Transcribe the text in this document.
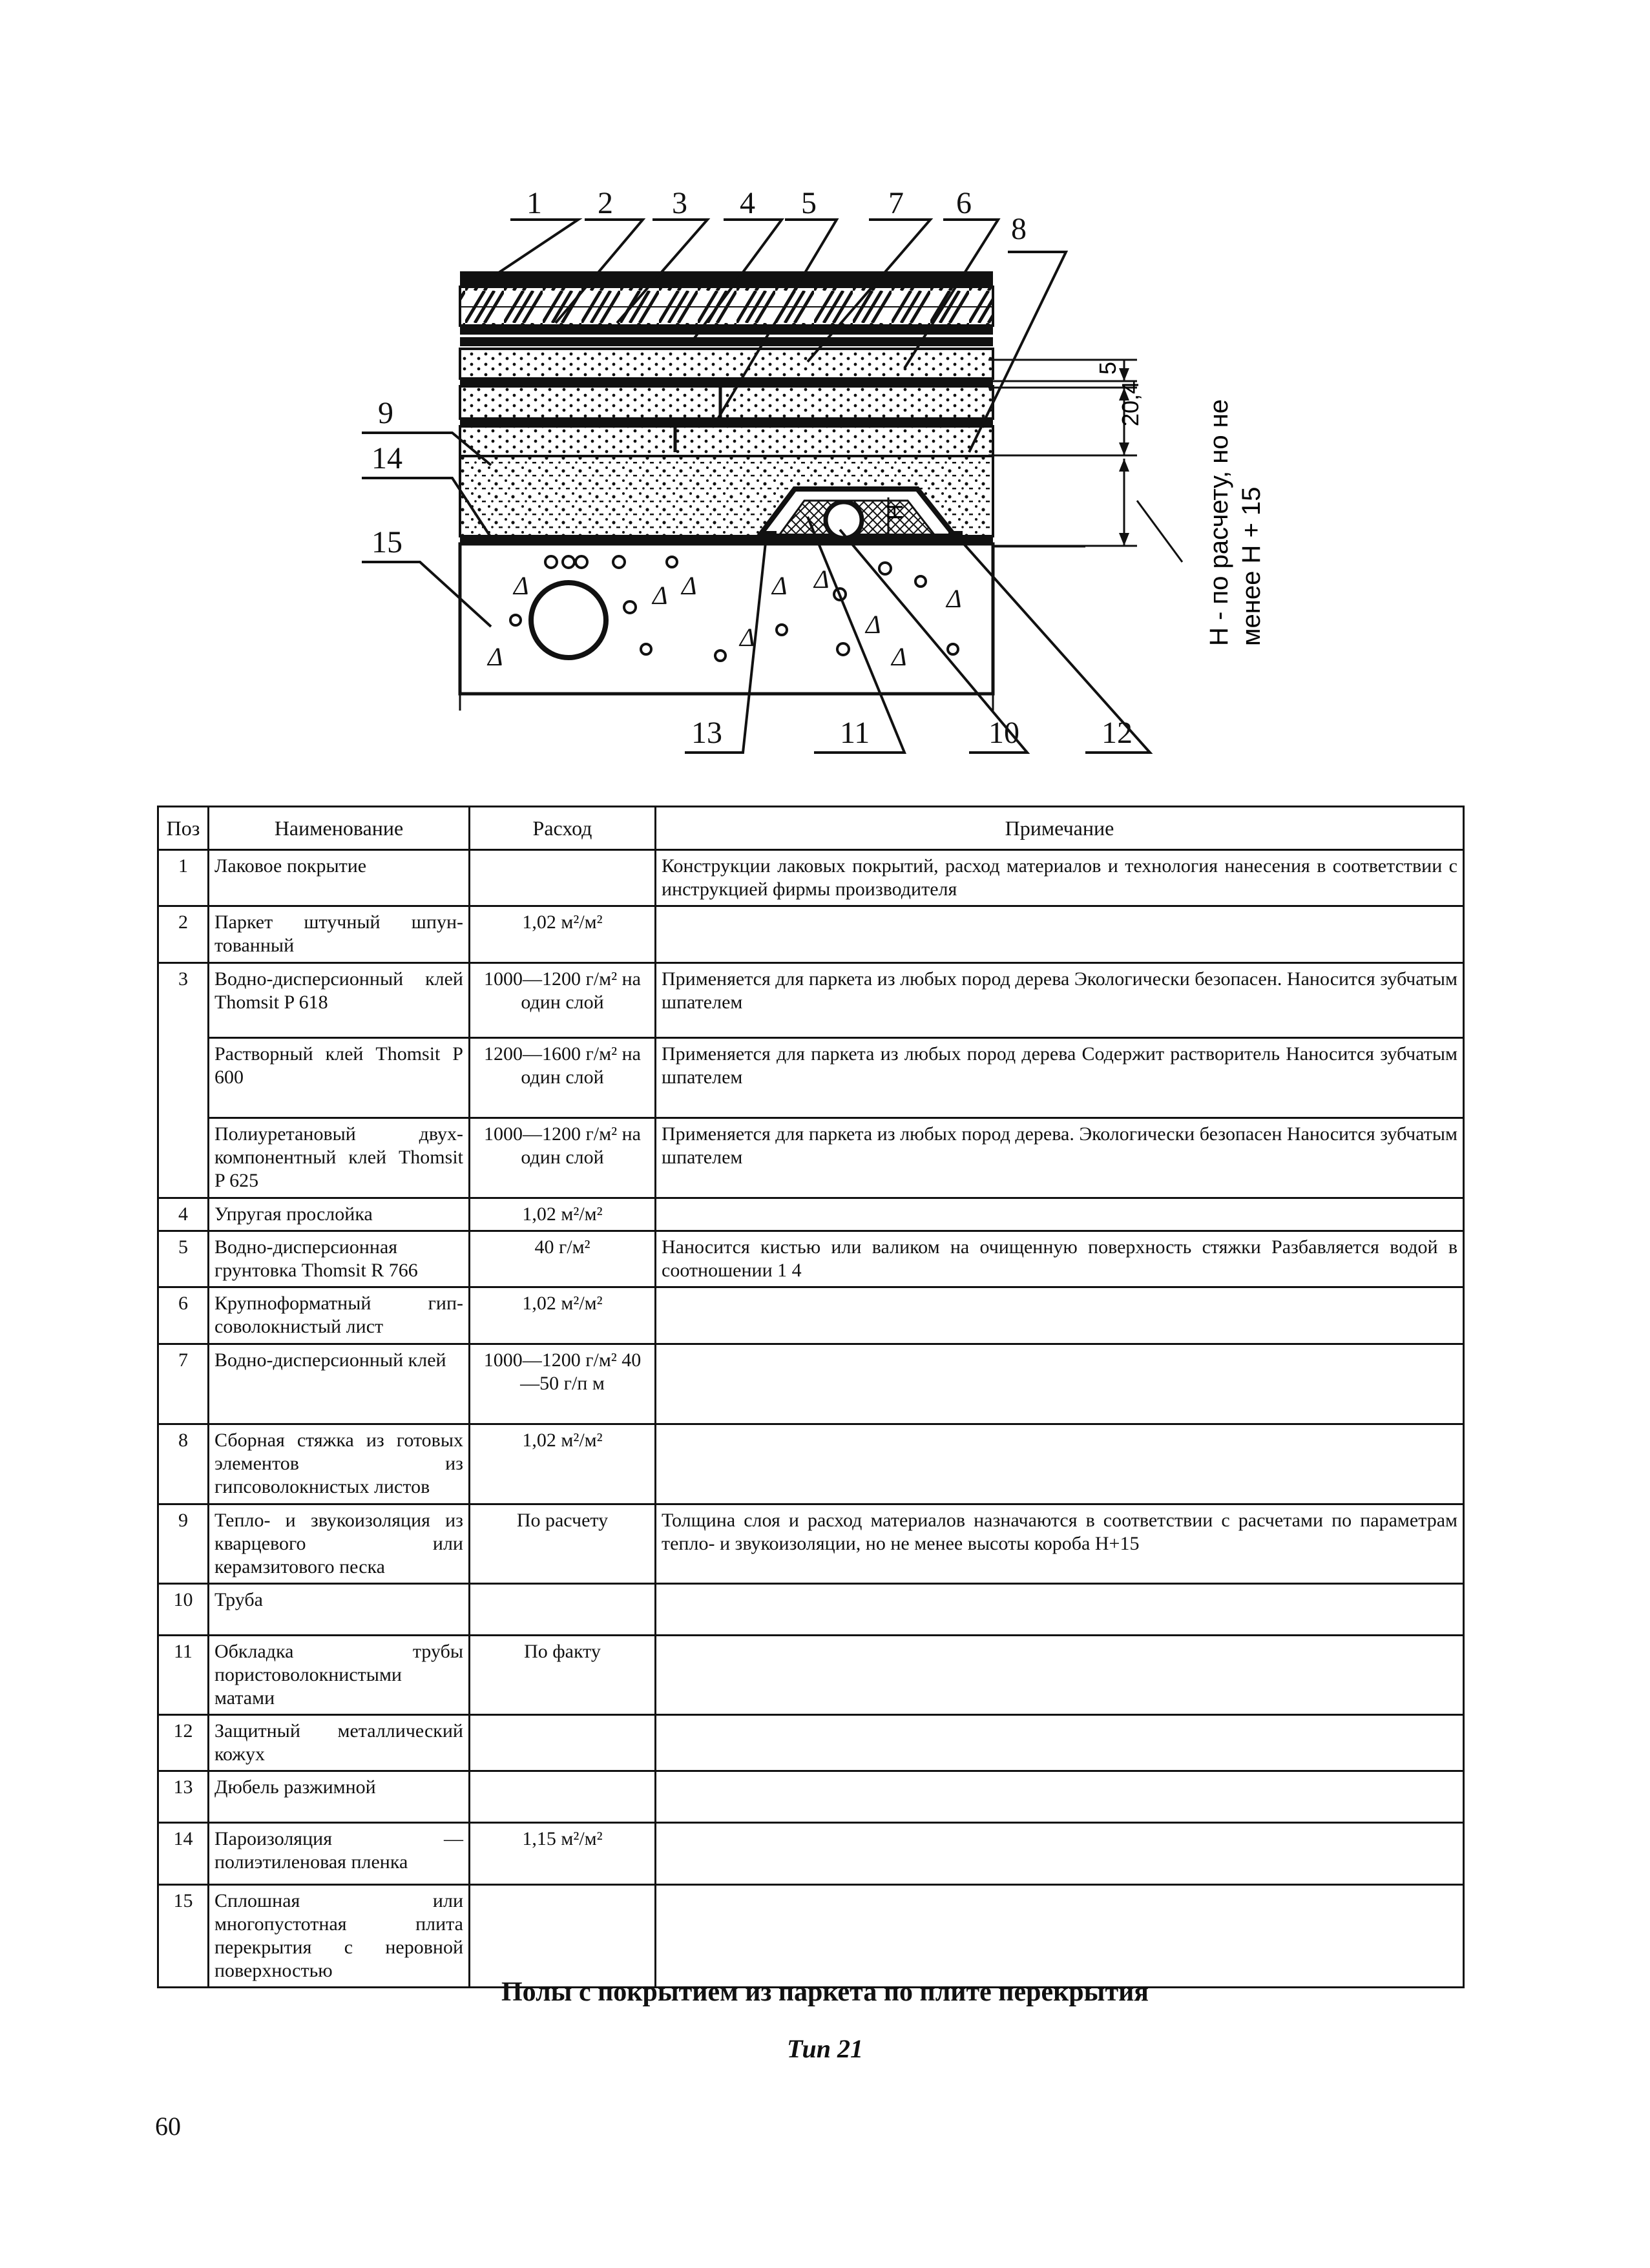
H
Δ	Δ Δ
Δ
Δ
Δ
Δ
Δ
Δ
Δ
5
20,4 Н - по расчету, но не менее Н + 15
1 2 3 4 5 7 6
8
9
14
15
13	11	10	12
Поз	Наименование	Расход	Примечание
1	Лаковое покрытие		Конструкции лаковых покрытий, расход материалов и технология нанесения в соответствии с инструкцией фирмы производителя
2	Паркет штучный шпун-тованный	1,02 м²/м²	
3	Водно-дисперсионный клей Thomsit P 618	1000—1200 г/м² на один слой	Применяется для паркета из любых пород дерева Экологически безопасен. Наносится зубчатым шпателем
	Растворный клей Thomsit P 600	1200—1600 г/м² на один слой	Применяется для паркета из любых пород дерева Содержит растворитель Наносится зубчатым шпателем
	Полиуретановый двух-компонентный клей Thomsit P 625	1000—1200 г/м² на один слой	Применяется для паркета из любых пород дерева. Экологически безопасен Наносится зубчатым шпателем
4	Упругая прослойка	1,02 м²/м²	
5	Водно-дисперсионная грунтовка Thomsit R 766	40 г/м²	Наносится кистью или валиком на очищенную поверхность стяжки Разбавляется водой в соотношении 1 4
6	Крупноформатный гип-соволокнистый лист	1,02 м²/м²	
7	Водно-дисперсионный клей	1000—1200 г/м² 40—50 г/п м	
8	Сборная стяжка из готовых элементов из гипсоволокнистых листов	1,02 м²/м²	
9	Тепло- и звукоизоляция из кварцевого или керамзитового песка	По расчету	Толщина слоя и расход материалов назначаются в соответствии с расчетами по параметрам тепло- и звукоизоляции, но не менее высоты короба Н+15
10	Труба		
11	Обкладка трубы пористоволокнистыми матами	По факту	
12	Защитный металлический кожух		
13	Дюбель разжимной		
14	Пароизоляция — полиэтиленовая пленка	1,15 м²/м²	
15	Сплошная или многопустотная плита перекрытия с неровной поверхностью		
Полы с покрытием из паркета по плите перекрытия
Тип 21
60
